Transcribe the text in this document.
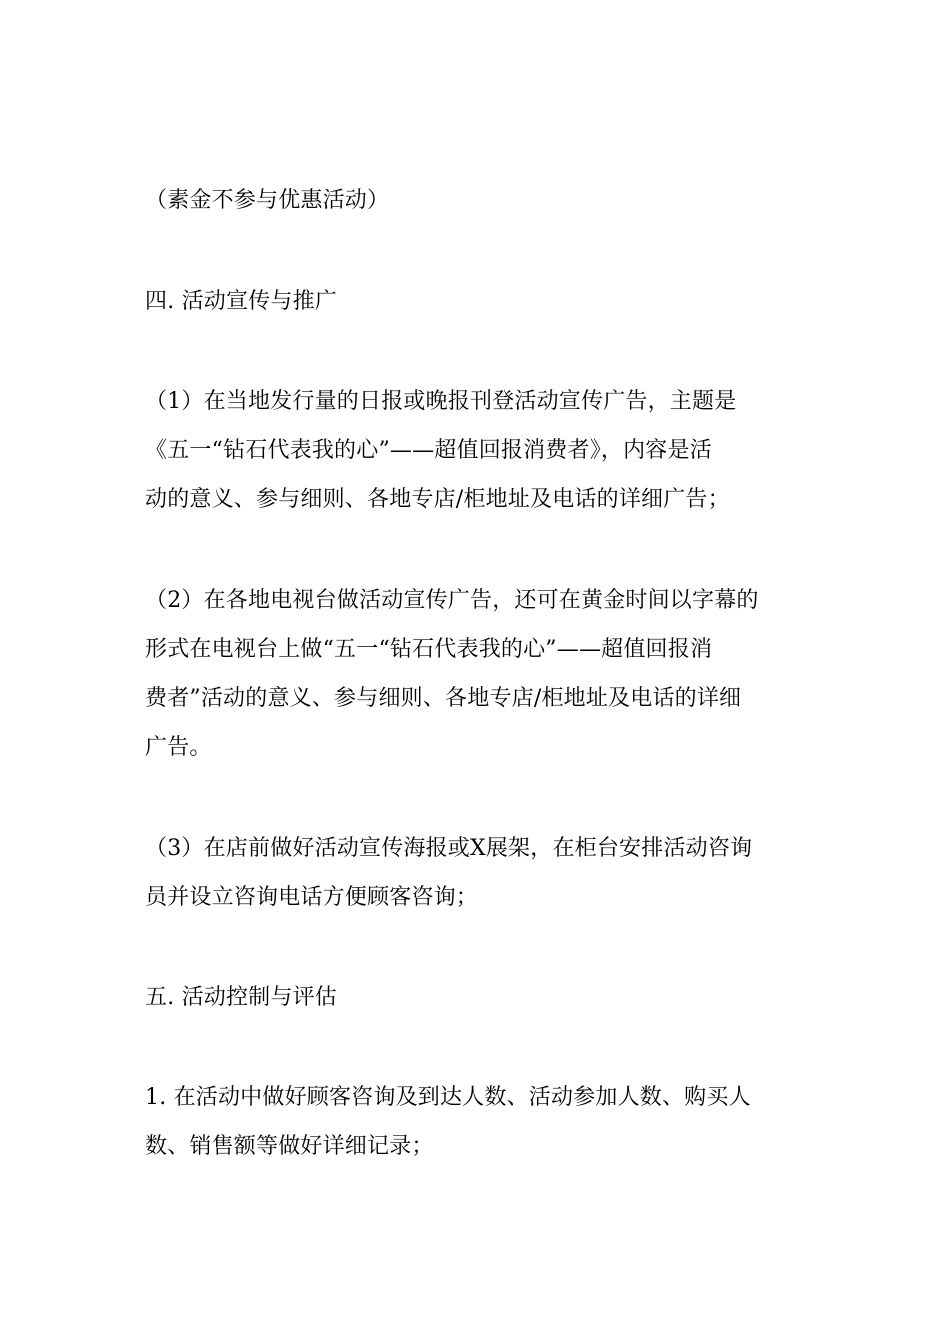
（素金不参与优惠活动）

四. 活动宣传与推广

（1）在当地发行量的日报或晚报刊登活动宣传广告，主题是
《五一“钻石代表我的心”——超值回报消费者》，内容是活
动的意义、参与细则、各地专店/柜地址及电话的详细广告；

（2）在各地电视台做活动宣传广告，还可在黄金时间以字幕的
形式在电视台上做“五一“钻石代表我的心”——超值回报消
费者”活动的意义、参与细则、各地专店/柜地址及电话的详细
广告。

（3）在店前做好活动宣传海报或X展架，在柜台安排活动咨询
员并设立咨询电话方便顾客咨询；

五. 活动控制与评估

1. 在活动中做好顾客咨询及到达人数、活动参加人数、购买人
数、销售额等做好详细记录；
